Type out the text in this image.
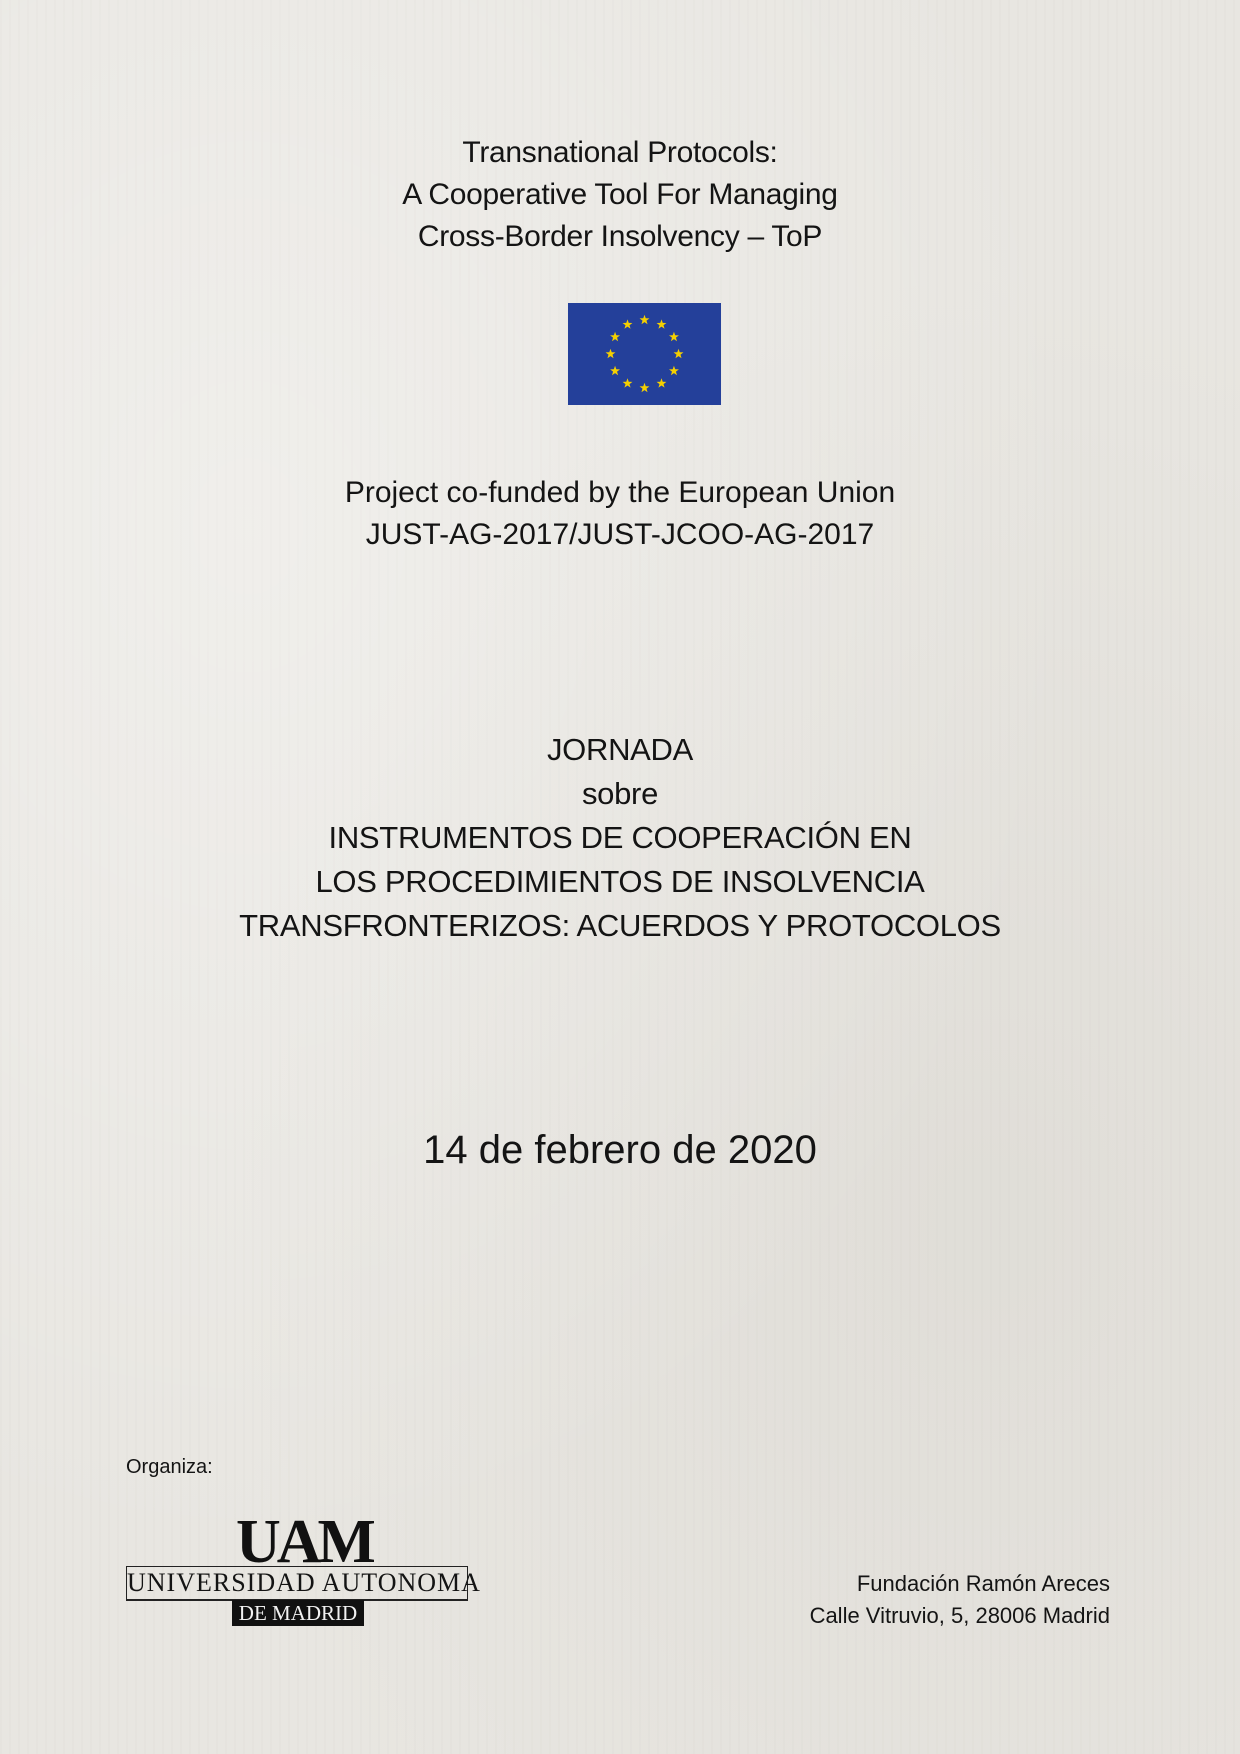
Transnational Protocols:
A Cooperative Tool For Managing
Cross-Border Insolvency – ToP
Project co-funded by the European Union
JUST-AG-2017/JUST-JCOO-AG-2017
JORNADA
sobre
INSTRUMENTOS DE COOPERACIÓN EN
LOS PROCEDIMIENTOS DE INSOLVENCIA
TRANSFRONTERIZOS: ACUERDOS Y PROTOCOLOS
14 de febrero de 2020
Organiza:
UAM
UNIVERSIDAD AUTONOMA
DE MADRID
Fundación Ramón Areces
Calle Vitruvio, 5, 28006 Madrid
